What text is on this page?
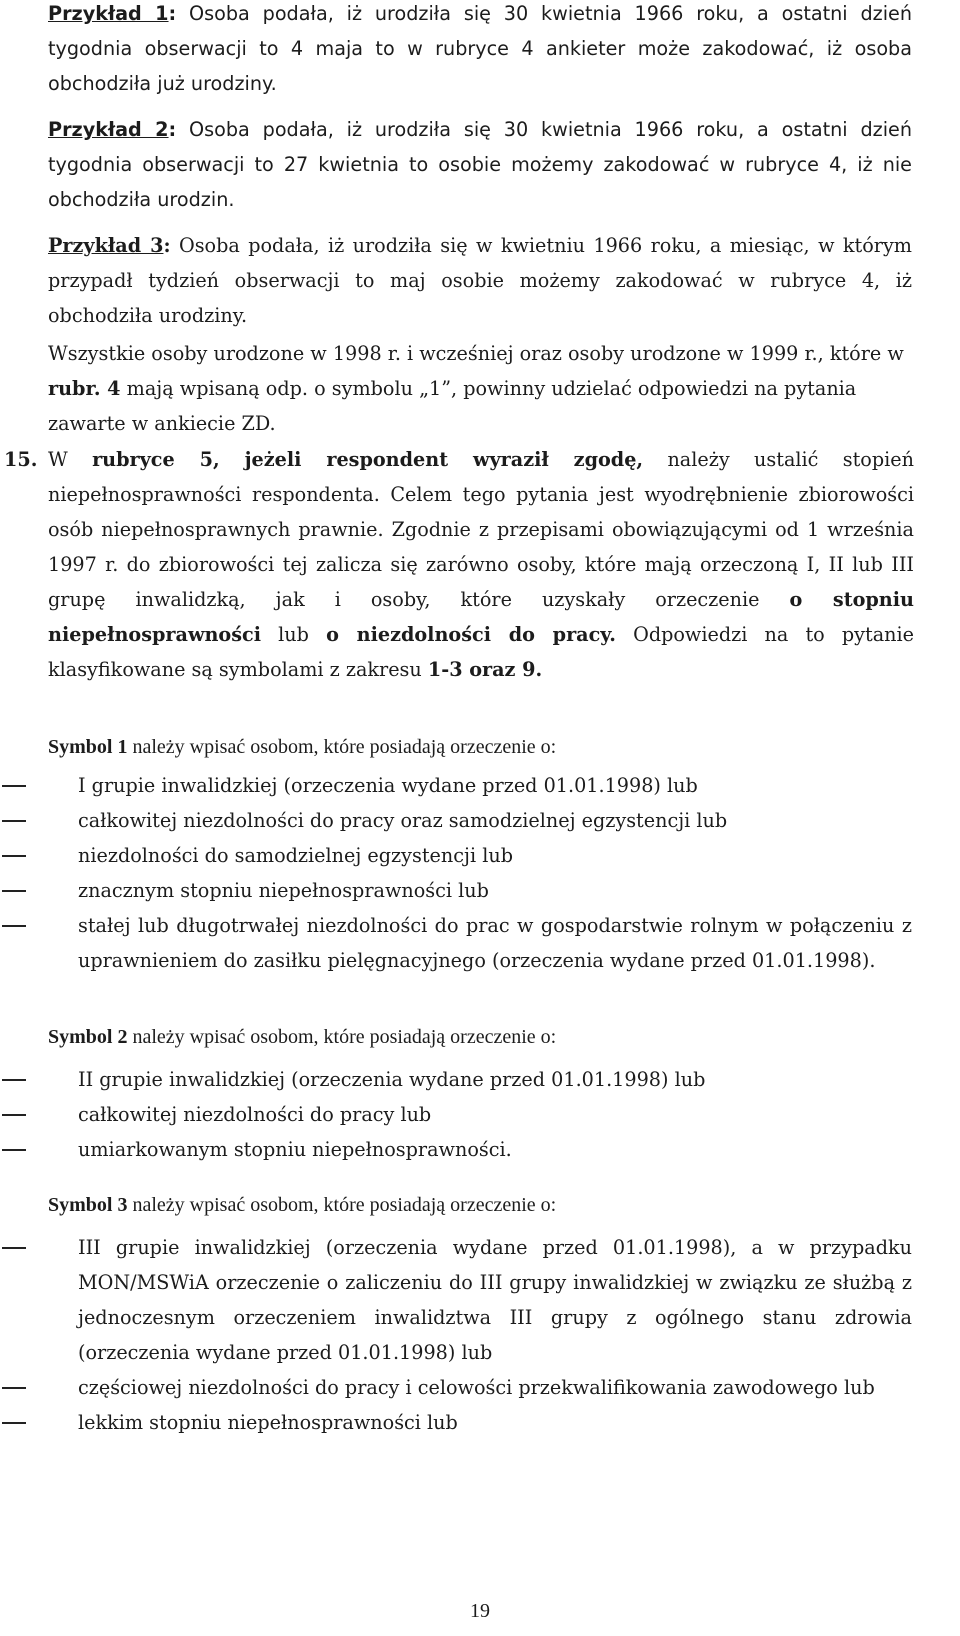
Przykład 1: Osoba podała, iż urodziła się 30 kwietnia 1966 roku, a ostatni dzień tygodnia obserwacji to 4 maja to w rubryce 4 ankieter może zakodować, iż osoba obchodziła już urodziny.

Przykład 2: Osoba podała, iż urodziła się 30 kwietnia 1966 roku, a ostatni dzień tygodnia obserwacji to 27 kwietnia to osobie możemy zakodować w rubryce 4, iż nie obchodziła urodzin.

Przykład 3: Osoba podała, iż urodziła się w kwietniu 1966 roku, a miesiąc, w którym przypadł tydzień obserwacji to maj osobie możemy zakodować w rubryce 4, iż obchodziła urodziny.

Wszystkie osoby urodzone w 1998 r. i wcześniej oraz osoby urodzone w 1999 r., które w rubr. 4 mają wpisaną odp. o symbolu „1”, powinny udzielać odpowiedzi na pytania zawarte w ankiecie ZD.

15. W rubryce 5, jeżeli respondent wyraził zgodę, należy ustalić stopień niepełnosprawności respondenta. Celem tego pytania jest wyodrębnienie zbiorowości osób niepełnosprawnych prawnie. Zgodnie z przepisami obowiązującymi od 1 września 1997 r. do zbiorowości tej zalicza się zarówno osoby, które mają orzeczoną I, II lub III grupę inwalidzką, jak i osoby, które uzyskały orzeczenie o stopniu niepełnosprawności lub o niezdolności do pracy. Odpowiedzi na to pytanie klasyfikowane są symbolami z zakresu 1-3 oraz 9.

Symbol 1 należy wpisać osobom, które posiadają orzeczenie o:

I grupie inwalidzkiej (orzeczenia wydane przed 01.01.1998) lub
całkowitej niezdolności do pracy oraz samodzielnej egzystencji lub
niezdolności do samodzielnej egzystencji lub
znacznym stopniu niepełnosprawności lub
stałej lub długotrwałej niezdolności do prac w gospodarstwie rolnym w połączeniu z uprawnieniem do zasiłku pielęgnacyjnego (orzeczenia wydane przed 01.01.1998).

Symbol 2 należy wpisać osobom, które posiadają orzeczenie o:

II grupie inwalidzkiej (orzeczenia wydane przed 01.01.1998) lub
całkowitej niezdolności do pracy lub
umiarkowanym stopniu niepełnosprawności.

Symbol 3 należy wpisać osobom, które posiadają orzeczenie o:

III grupie inwalidzkiej (orzeczenia wydane przed 01.01.1998), a w przypadku MON/MSWiA orzeczenie o zaliczeniu do III grupy inwalidzkiej w związku ze służbą z jednoczesnym orzeczeniem inwalidztwa III grupy z ogólnego stanu zdrowia (orzeczenia wydane przed 01.01.1998) lub
częściowej niezdolności do pracy i celowości przekwalifikowania zawodowego lub
lekkim stopniu niepełnosprawności lub
19
